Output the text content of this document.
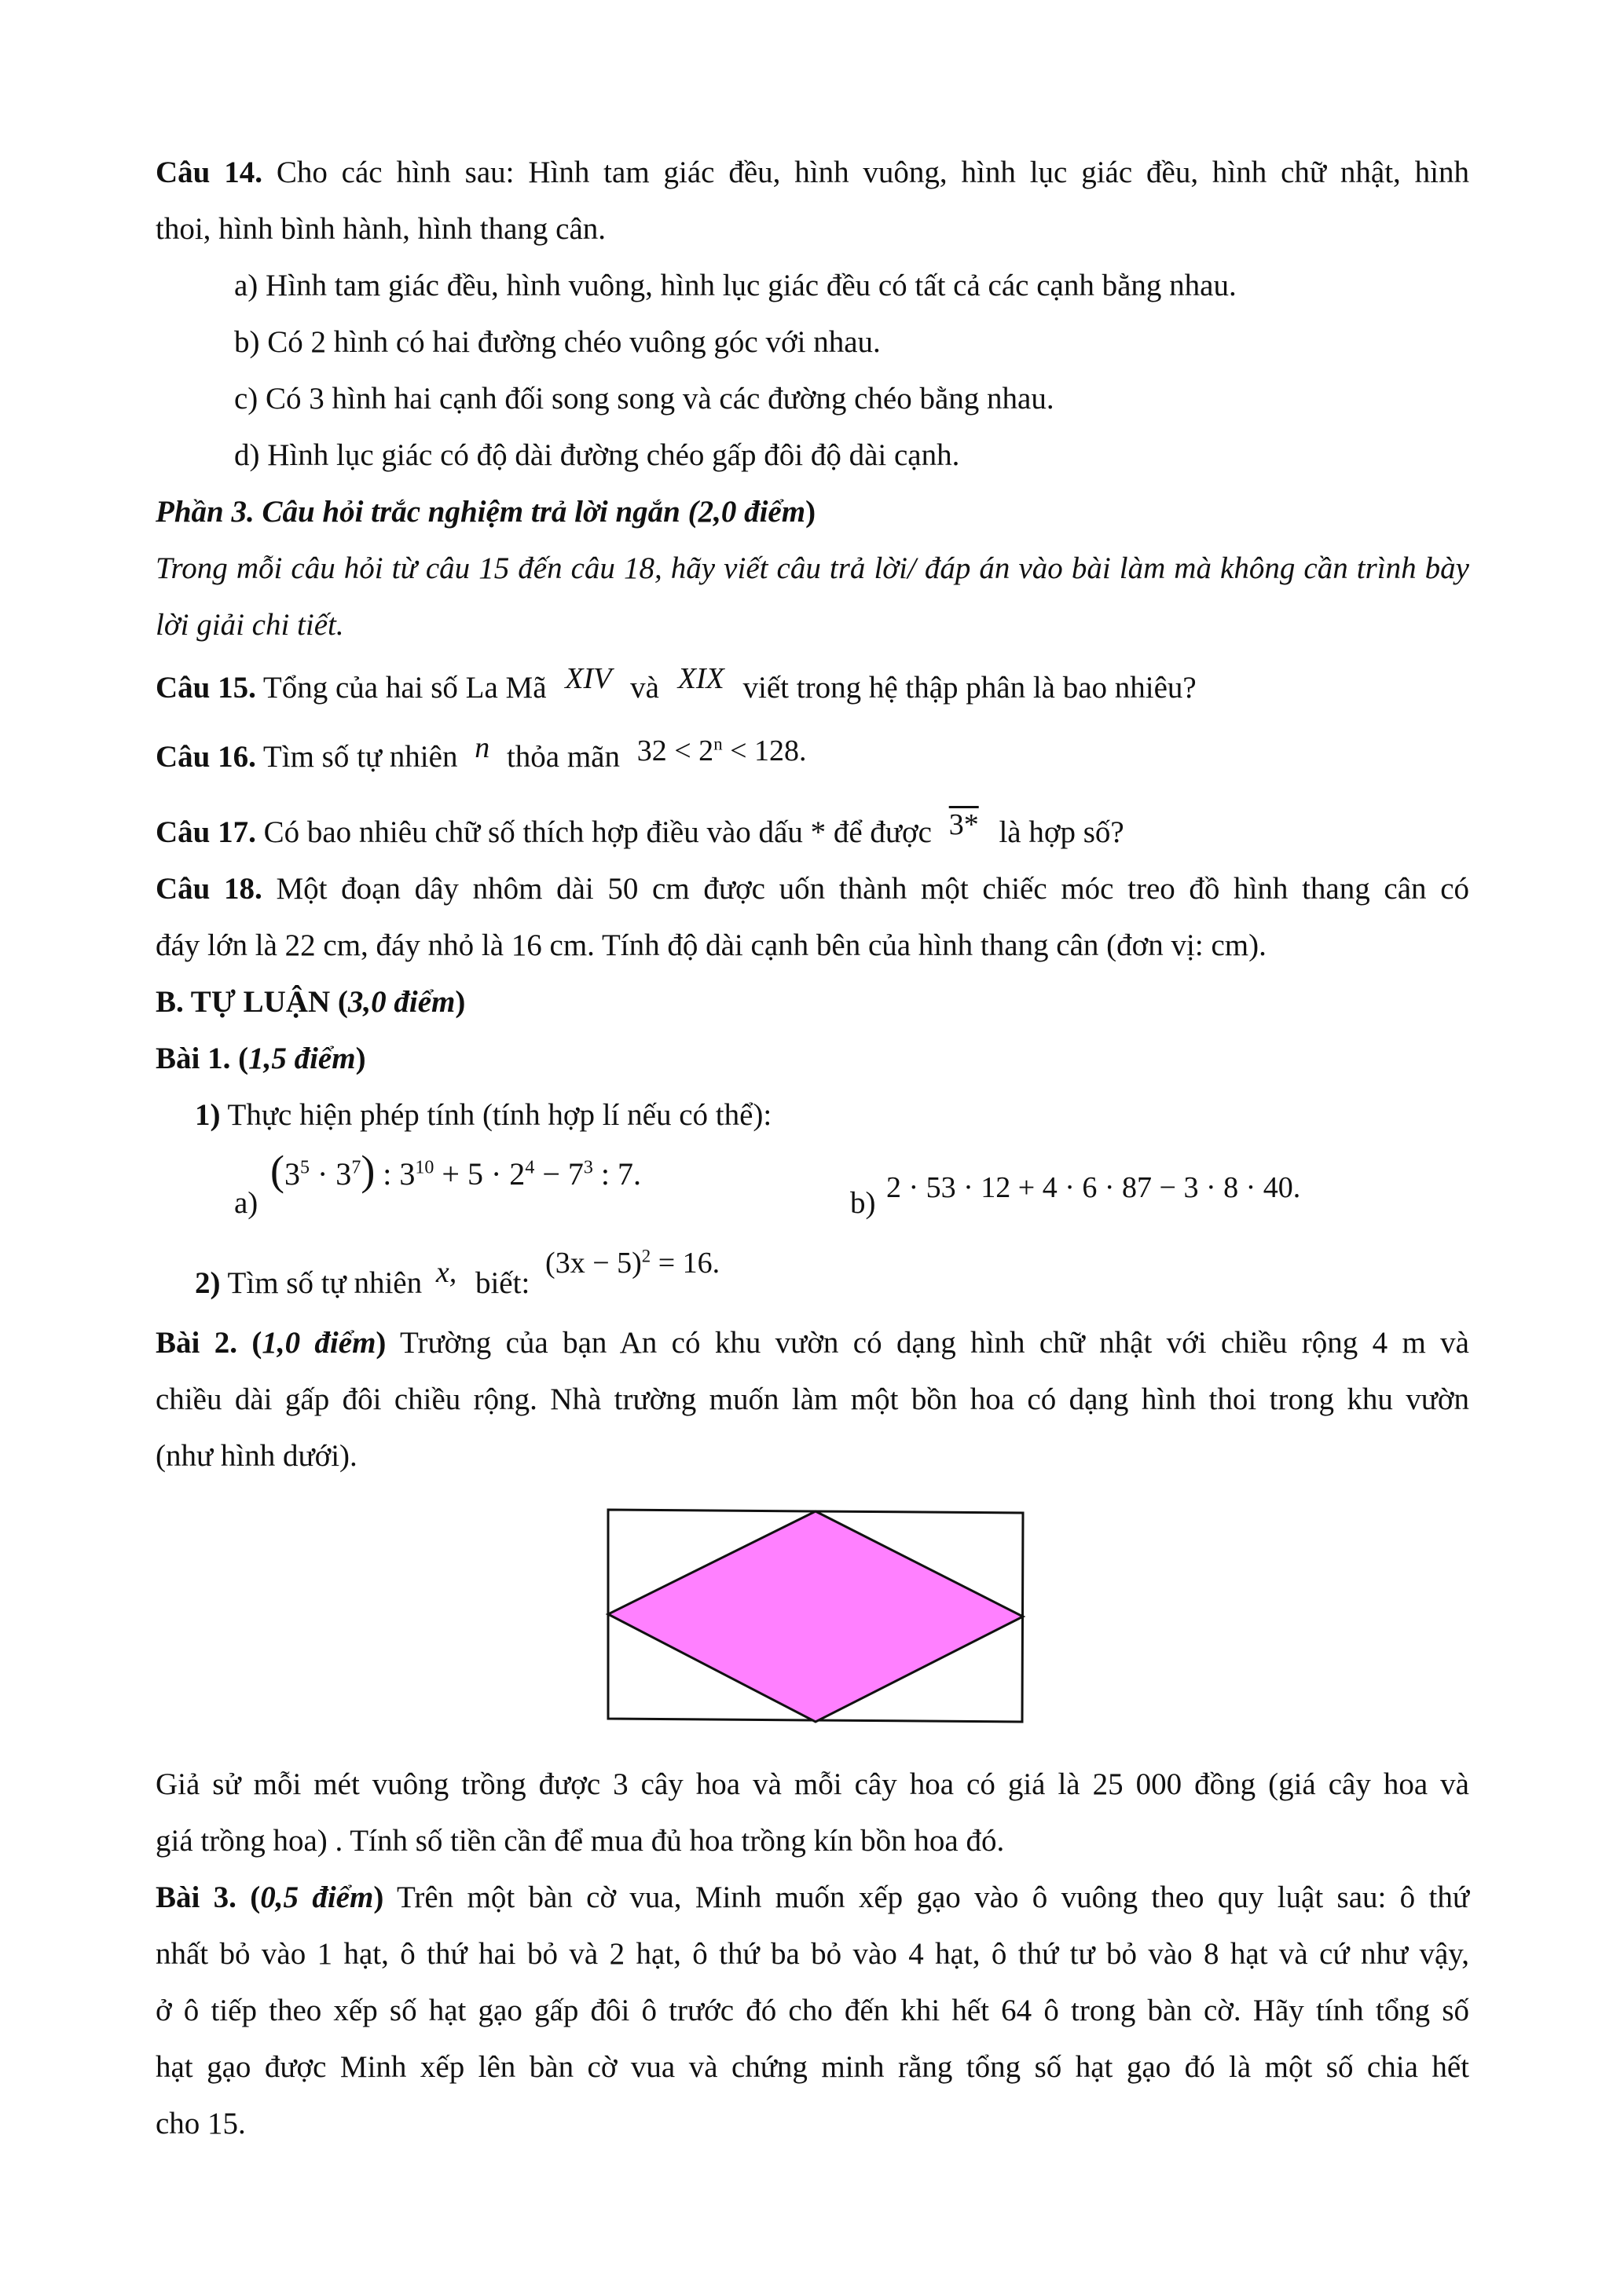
Câu 14. Cho các hình sau: Hình tam giác đều, hình vuông, hình lục giác đều, hình chữ nhật, hình
thoi, hình bình hành, hình thang cân.
a) Hình tam giác đều, hình vuông, hình lục giác đều có tất cả các cạnh bằng nhau.
b) Có 2 hình có hai đường chéo vuông góc với nhau.
c) Có 3 hình hai cạnh đối song song và các đường chéo bằng nhau.
d) Hình lục giác có độ dài đường chéo gấp đôi độ dài cạnh.
Phần 3. Câu hỏi trắc nghiệm trả lời ngắn (2,0 điểm)
Trong mỗi câu hỏi từ câu 15 đến câu 18, hãy viết câu trả lời/ đáp án vào bài làm mà không cần trình bày
lời giải chi tiết.
Câu 15. Tổng của hai số La Mã XIV và XIX viết trong hệ thập phân là bao nhiêu?
Câu 16. Tìm số tự nhiên n thỏa mãn $32 < 2^n < 128$.
Câu 17. Có bao nhiêu chữ số thích hợp điều vào dấu * để được 3* là hợp số?
Câu 18. Một đoạn dây nhôm dài 50 cm được uốn thành một chiếc móc treo đồ hình thang cân có
đáy lớn là 22 cm, đáy nhỏ là 16 cm. Tính độ dài cạnh bên của hình thang cân (đơn vị: cm).
B. TỰ LUẬN (3,0 điểm)
Bài 1. (1,5 điểm)
1) Thực hiện phép tính (tính hợp lí nếu có thể):
a)
$(3^5 \cdot 3^7)$ : $3^{10} + 5 \cdot 2^4 - 7^3$ : 7.
b) 2 · 53 · 12 + 4 · 6 · 87 − 3 · 8 · 40.
2) Tìm số tự nhiên x, biết: $(3x - 5)^2 = 16$.
Bài 2. (1,0 điểm) Trường của bạn An có khu vườn có dạng hình chữ nhật với chiều rộng 4 m và
chiều dài gấp đôi chiều rộng. Nhà trường muốn làm một bồn hoa có dạng hình thoi trong khu vườn
(như hình dưới).
Giả sử mỗi mét vuông trồng được 3 cây hoa và mỗi cây hoa có giá là 25 000 đồng (giá cây hoa và
giá trồng hoa) . Tính số tiền cần để mua đủ hoa trồng kín bồn hoa đó.
Bài 3. (0,5 điểm) Trên một bàn cờ vua, Minh muốn xếp gạo vào ô vuông theo quy luật sau: ô thứ
nhất bỏ vào 1 hạt, ô thứ hai bỏ và 2 hạt, ô thứ ba bỏ vào 4 hạt, ô thứ tư bỏ vào 8 hạt và cứ như vậy,
ở ô tiếp theo xếp số hạt gạo gấp đôi ô trước đó cho đến khi hết 64 ô trong bàn cờ. Hãy tính tổng số
hạt gạo được Minh xếp lên bàn cờ vua và chứng minh rằng tổng số hạt gạo đó là một số chia hết
cho 15.
